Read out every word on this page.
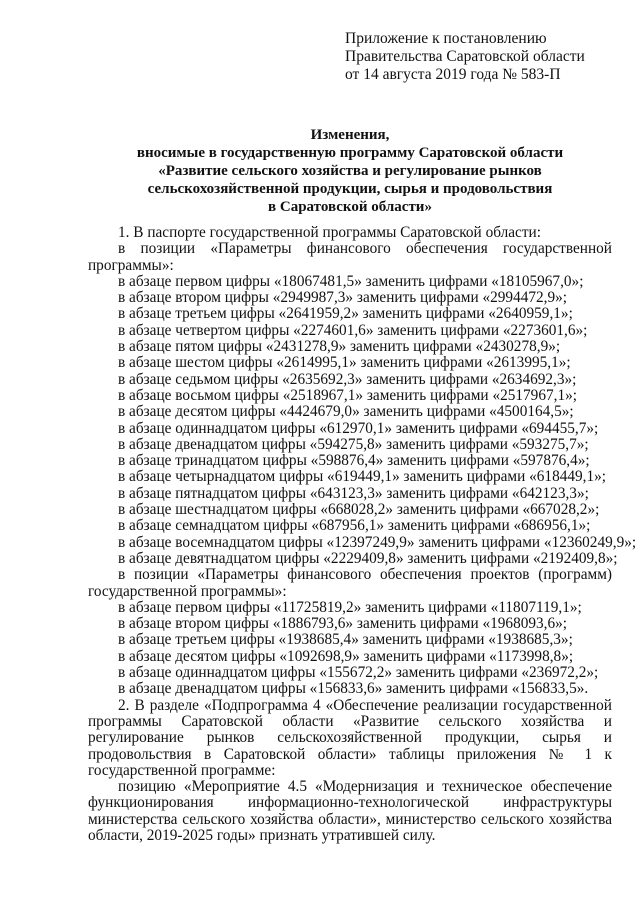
Приложение к постановлению
Правительства Саратовской области
от 14 августа 2019 года № 583-П
Изменения,
вносимые в государственную программу Саратовской области
«Развитие сельского хозяйства и регулирование рынков
сельскохозяйственной продукции, сырья и продовольствия
в Саратовской области»

1. В паспорте государственной программы Саратовской области:

в позиции «Параметры финансового обеспечения государственной программы»:

в абзаце первом цифры «18067481,5» заменить цифрами «18105967,0»;

в абзаце втором цифры «2949987,3» заменить цифрами «2994472,9»;

в абзаце третьем цифры «2641959,2» заменить цифрами «2640959,1»;

в абзаце четвертом цифры «2274601,6» заменить цифрами «2273601,6»;

в абзаце пятом цифры «2431278,9» заменить цифрами «2430278,9»;

в абзаце шестом цифры «2614995,1» заменить цифрами «2613995,1»;

в абзаце седьмом цифры «2635692,3» заменить цифрами «2634692,3»;

в абзаце восьмом цифры «2518967,1» заменить цифрами «2517967,1»;

в абзаце десятом цифры «4424679,0» заменить цифрами «4500164,5»;

в абзаце одиннадцатом цифры «612970,1» заменить цифрами «694455,7»;

в абзаце двенадцатом цифры «594275,8» заменить цифрами «593275,7»;

в абзаце тринадцатом цифры «598876,4» заменить цифрами «597876,4»;

в абзаце четырнадцатом цифры «619449,1» заменить цифрами «618449,1»;

в абзаце пятнадцатом цифры «643123,3» заменить цифрами «642123,3»;

в абзаце шестнадцатом цифры «668028,2» заменить цифрами «667028,2»;

в абзаце семнадцатом цифры «687956,1» заменить цифрами «686956,1»;

в абзаце восемнадцатом цифры «12397249,9» заменить цифрами «12360249,9»;

в абзаце девятнадцатом цифры «2229409,8» заменить цифрами «2192409,8»;

в позиции «Параметры финансового обеспечения проектов (программ) государственной программы»:

в абзаце первом цифры «11725819,2» заменить цифрами «11807119,1»;

в абзаце втором цифры «1886793,6» заменить цифрами «1968093,6»;

в абзаце третьем цифры «1938685,4» заменить цифрами «1938685,3»;

в абзаце десятом цифры «1092698,9» заменить цифрами «1173998,8»;

в абзаце одиннадцатом цифры «155672,2» заменить цифрами «236972,2»;

в абзаце двенадцатом цифры «156833,6» заменить цифрами «156833,5».

2. В разделе «Подпрограмма 4 «Обеспечение реализации государственной программы Саратовской области «Развитие сельского хозяйства и регулирование рынков сельскохозяйственной продукции, сырья и продовольствия в Саратовской области» таблицы приложения № 1 к государственной программе:

позицию «Мероприятие 4.5 «Модернизация и техническое обеспечение функционирования информационно-технологической инфраструктуры министерства сельского хозяйства области», министерство сельского хозяйства области, 2019-2025 годы» признать утратившей силу.
